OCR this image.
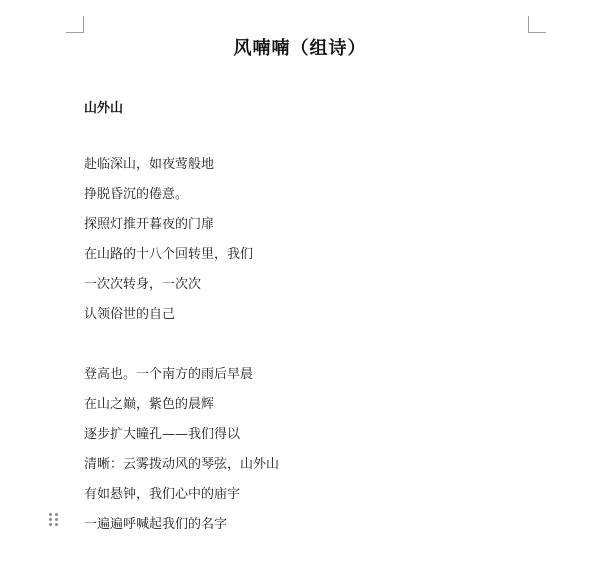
风喃喃（组诗）
山外山
赴临深山，如夜莺般地
挣脱昏沉的倦意。
探照灯推开暮夜的门扉
在山路的十八个回转里，我们
一次次转身，一次次
认领俗世的自己
登高也。一个南方的雨后早晨
在山之巅，紫色的晨辉
逐步扩大瞳孔——我们得以
清晰：云雾拨动风的琴弦，山外山
有如悬钟，我们心中的庙宇
一遍遍呼喊起我们的名字
